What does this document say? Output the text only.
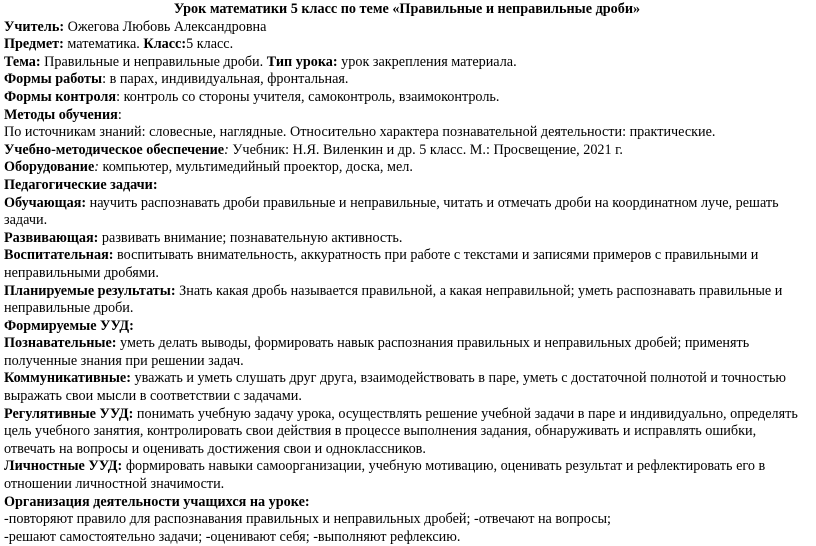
Урок математики 5 класс по теме «Правильные и неправильные дроби»

Учитель: Ожегова Любовь Александровна

Предмет: математика. Класс:5 класс.

Тема: Правильные и неправильные дроби. Тип урока: урок закрепления материала.

Формы работы: в парах, индивидуальная, фронтальная.

Формы контроля: контроль со стороны учителя, самоконтроль, взаимоконтроль.

Методы обучения:

По источникам знаний: словесные, наглядные. Относительно характера познавательной деятельности: практические.

Учебно-методическое обеспечение: Учебник: Н.Я. Виленкин и др. 5 класс. М.: Просвещение, 2021 г.

Оборудование: компьютер, мультимедийный проектор, доска, мел.

Педагогические задачи:

Обучающая: научить распознавать дроби правильные и неправильные, читать и отмечать дроби на координатном луче, решать задачи.

Развивающая: развивать внимание; познавательную активность.

Воспитательная: воспитывать внимательность, аккуратность при работе с текстами и записями примеров с правильными и неправильными дробями.

Планируемые результаты: Знать какая дробь называется правильной, а какая неправильной; уметь распознавать правильные и неправильные дроби.

Формируемые УУД:

Познавательные: уметь делать выводы, формировать навык распознания правильных и неправильных дробей; применять полученные знания при решении задач.

Коммуникативные: уважать и уметь слушать друг друга, взаимодействовать в паре, уметь с достаточной полнотой и точностью выражать свои мысли в соответствии с задачами.

Регулятивные УУД: понимать учебную задачу урока, осуществлять решение учебной задачи в паре и индивидуально, определять цель учебного занятия, контролировать свои действия в процессе выполнения задания, обнаруживать и исправлять ошибки, отвечать на вопросы и оценивать достижения свои и одноклассников.

Личностные УУД: формировать навыки самоорганизации, учебную мотивацию, оценивать результат и рефлектировать его в отношении личностной значимости.

Организация деятельности учащихся на уроке:

-повторяют правило для распознавания правильных и неправильных дробей; -отвечают на вопросы;

-решают самостоятельно задачи; -оценивают себя; -выполняют рефлексию.
